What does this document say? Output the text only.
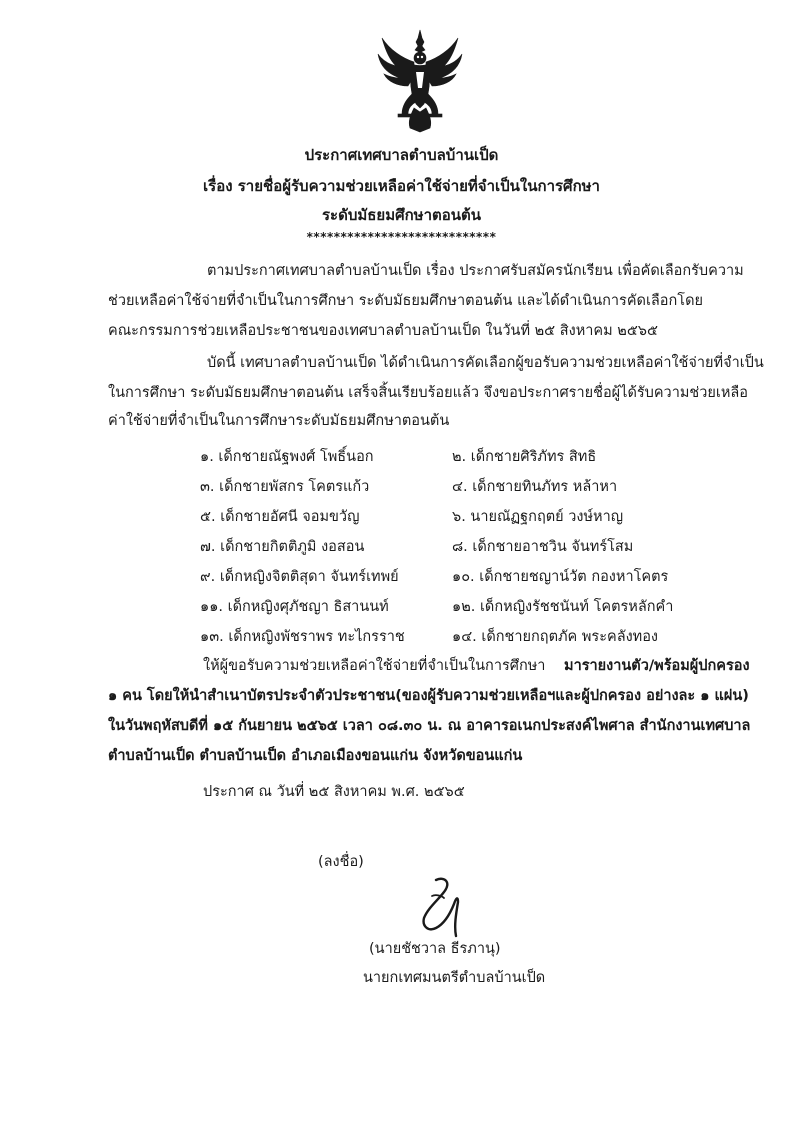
ประกาศเทศบาลตำบลบ้านเป็ด
เรื่อง รายชื่อผู้รับความช่วยเหลือค่าใช้จ่ายที่จำเป็นในการศึกษา
ระดับมัธยมศึกษาตอนต้น
****************************
ตามประกาศเทศบาลตำบลบ้านเป็ด เรื่อง ประกาศรับสมัครนักเรียน เพื่อคัดเลือกรับความ
ช่วยเหลือค่าใช้จ่ายที่จำเป็นในการศึกษา ระดับมัธยมศึกษาตอนต้น และได้ดำเนินการคัดเลือกโดย
คณะกรรมการช่วยเหลือประชาชนของเทศบาลตำบลบ้านเป็ด ในวันที่ ๒๕ สิงหาคม ๒๕๖๕
บัดนี้ เทศบาลตำบลบ้านเป็ด ได้ดำเนินการคัดเลือกผู้ขอรับความช่วยเหลือค่าใช้จ่ายที่จำเป็น
ในการศึกษา ระดับมัธยมศึกษาตอนต้น เสร็จสิ้นเรียบร้อยแล้ว จึงขอประกาศรายชื่อผู้ได้รับความช่วยเหลือ
ค่าใช้จ่ายที่จำเป็นในการศึกษาระดับมัธยมศึกษาตอนต้น
๑. เด็กชายณัฐพงศ์ โพธิ์นอก	๒. เด็กชายศิริภัทร สิทธิ
๓. เด็กชายพัสกร โคตรแก้ว	๔. เด็กชายทินภัทร หล้าหา
๕. เด็กชายอัศนี จอมขวัญ	๖. นายณัฏฐกฤตย์ วงษ์หาญ
๗. เด็กชายกิตติภูมิ งอสอน	๘. เด็กชายอาชวิน จันทร์โสม
๙. เด็กหญิงจิตติสุดา จันทร์เทพย์	๑๐. เด็กชายชญาน์วัต กองหาโคตร
๑๑. เด็กหญิงศุภัชญา ธิสานนท์	๑๒. เด็กหญิงรัชชนันท์ โคตรหลักคำ
๑๓. เด็กหญิงพัชราพร ทะไกรราช	๑๔. เด็กชายกฤตภัค พระคลังทอง
ให้ผู้ขอรับความช่วยเหลือค่าใช้จ่ายที่จำเป็นในการศึกษา มารายงานตัว/พร้อมผู้ปกครอง
๑ คน โดยให้นำสำเนาบัตรประจำตัวประชาชน(ของผู้รับความช่วยเหลือฯและผู้ปกครอง อย่างละ ๑ แผ่น)
ในวันพฤหัสบดีที่ ๑๕ กันยายน ๒๕๖๕ เวลา ๐๘.๓๐ น. ณ อาคารอเนกประสงค์ไพศาล สำนักงานเทศบาล
ตำบลบ้านเป็ด ตำบลบ้านเป็ด อำเภอเมืองขอนแก่น จังหวัดขอนแก่น
ประกาศ ณ วันที่ ๒๕ สิงหาคม พ.ศ. ๒๕๖๕
(ลงชื่อ)
(นายชัชวาล ธีรภานุ)
นายกเทศมนตรีตำบลบ้านเป็ด
